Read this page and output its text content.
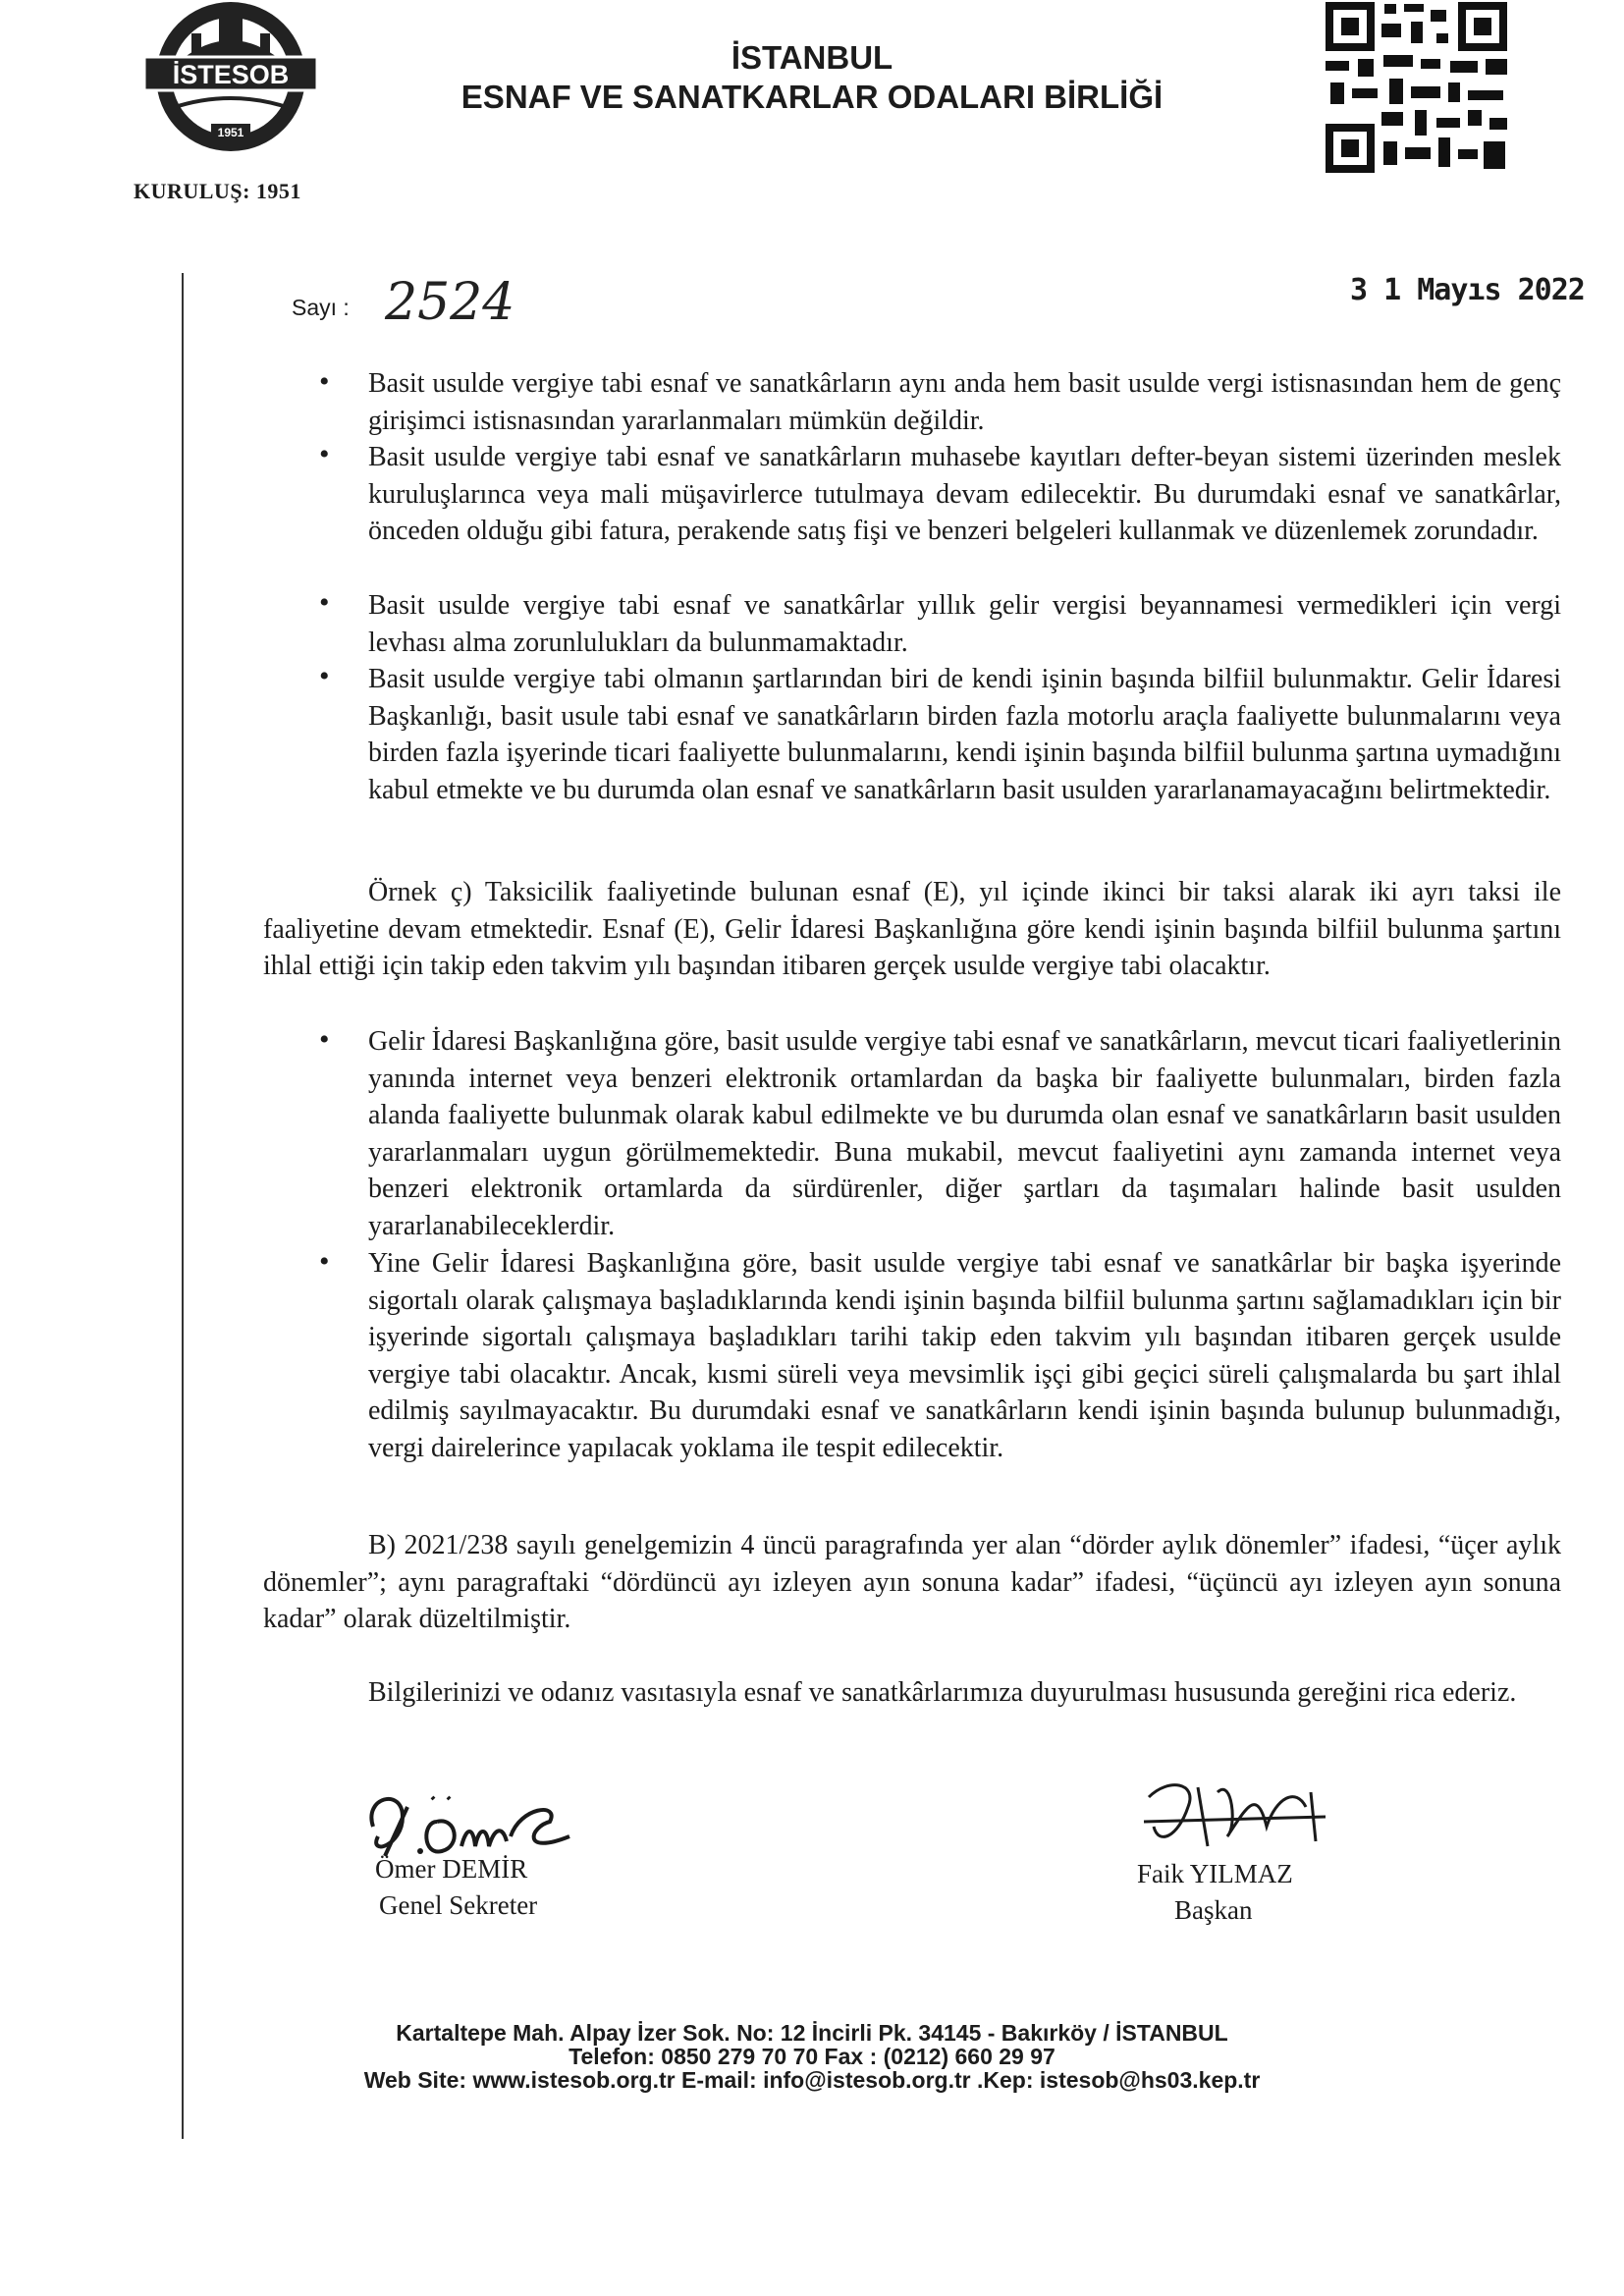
İSTESOB
1951
KURULUŞ: 1951
İSTANBUL
ESNAF VE SANATKARLAR ODALARI BİRLİĞİ
Sayı : 2524	3 1 Mayıs 2022
• Basit usulde vergiye tabi esnaf ve sanatkârların aynı anda hem basit usulde vergi istisnasından hem de genç girişimci istisnasından yararlanmaları mümkün değildir.
• Basit usulde vergiye tabi esnaf ve sanatkârların muhasebe kayıtları defter-beyan sistemi üzerinden meslek kuruluşlarınca veya mali müşavirlerce tutulmaya devam edilecektir. Bu durumdaki esnaf ve sanatkârlar, önceden olduğu gibi fatura, perakende satış fişi ve benzeri belgeleri kullanmak ve düzenlemek zorundadır.
• Basit usulde vergiye tabi esnaf ve sanatkârlar yıllık gelir vergisi beyannamesi vermedikleri için vergi levhası alma zorunlulukları da bulunmamaktadır.
• Basit usulde vergiye tabi olmanın şartlarından biri de kendi işinin başında bilfiil bulunmaktır. Gelir İdaresi Başkanlığı, basit usule tabi esnaf ve sanatkârların birden fazla motorlu araçla faaliyette bulunmalarını veya birden fazla işyerinde ticari faaliyette bulunmalarını, kendi işinin başında bilfiil bulunma şartına uymadığını kabul etmekte ve bu durumda olan esnaf ve sanatkârların basit usulden yararlanamayacağını belirtmektedir.
Örnek ç) Taksicilik faaliyetinde bulunan esnaf (E), yıl içinde ikinci bir taksi alarak iki ayrı taksi ile faaliyetine devam etmektedir. Esnaf (E), Gelir İdaresi Başkanlığına göre kendi işinin başında bilfiil bulunma şartını ihlal ettiği için takip eden takvim yılı başından itibaren gerçek usulde vergiye tabi olacaktır.
• Gelir İdaresi Başkanlığına göre, basit usulde vergiye tabi esnaf ve sanatkârların, mevcut ticari faaliyetlerinin yanında internet veya benzeri elektronik ortamlardan da başka bir faaliyette bulunmaları, birden fazla alanda faaliyette bulunmak olarak kabul edilmekte ve bu durumda olan esnaf ve sanatkârların basit usulden yararlanmaları uygun görülmemektedir. Buna mukabil, mevcut faaliyetini aynı zamanda internet veya benzeri elektronik ortamlarda da sürdürenler, diğer şartları da taşımaları halinde basit usulden yararlanabileceklerdir.
• Yine Gelir İdaresi Başkanlığına göre, basit usulde vergiye tabi esnaf ve sanatkârlar bir başka işyerinde sigortalı olarak çalışmaya başladıklarında kendi işinin başında bilfiil bulunma şartını sağlamadıkları için bir işyerinde sigortalı çalışmaya başladıkları tarihi takip eden takvim yılı başından itibaren gerçek usulde vergiye tabi olacaktır. Ancak, kısmi süreli veya mevsimlik işçi gibi geçici süreli çalışmalarda bu şart ihlal edilmiş sayılmayacaktır. Bu durumdaki esnaf ve sanatkârların kendi işinin başında bulunup bulunmadığı, vergi dairelerince yapılacak yoklama ile tespit edilecektir.
B) 2021/238 sayılı genelgemizin 4 üncü paragrafında yer alan “dörder aylık dönemler” ifadesi, “üçer aylık dönemler”; aynı paragraftaki “dördüncü ayı izleyen ayın sonuna kadar” ifadesi, “üçüncü ayı izleyen ayın sonuna kadar” olarak düzeltilmiştir.
Bilgilerinizi ve odanız vasıtasıyla esnaf ve sanatkârlarımıza duyurulması hususunda gereğini rica ederiz.
Ömer DEMİR
Genel Sekreter
Faik YILMAZ
Başkan
Kartaltepe Mah. Alpay İzer Sok. No: 12 İncirli Pk. 34145 - Bakırköy / İSTANBUL
Telefon: 0850 279 70 70 Fax : (0212) 660 29 97
Web Site: www.istesob.org.tr E-mail: info@istesob.org.tr .Kep: istesob@hs03.kep.tr
